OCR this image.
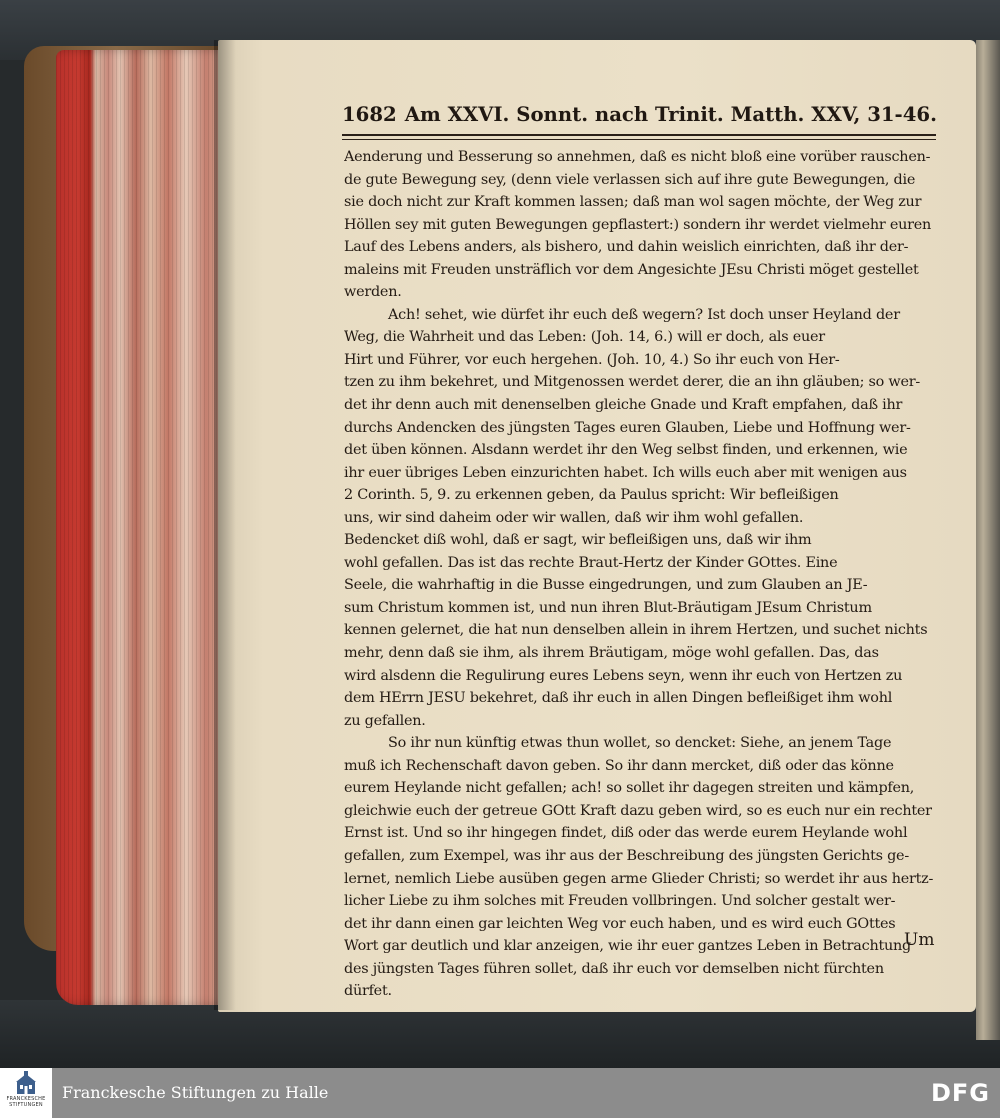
1682 Am XXVI. Sonnt. nach Trinit. Matth. XXV, 31-46.
Aenderung und Besserung so annehmen, daß es nicht bloß eine vorüber rauschen-
de gute Bewegung sey, (denn viele verlassen sich auf ihre gute Bewegungen, die
sie doch nicht zur Kraft kommen lassen; daß man wol sagen möchte, der Weg zur
Höllen sey mit guten Bewegungen gepflastert:) sondern ihr werdet vielmehr euren
Lauf des Lebens anders, als bishero, und dahin weislich einrichten, daß ihr der-
maleins mit Freuden unsträflich vor dem Angesichte JEsu Christi möget gestellet
werden.
Ach! sehet, wie dürfet ihr euch deß wegern? Ist doch unser Heyland der
Weg, die Wahrheit und das Leben: (Joh. 14, 6.) will er doch, als euer
Hirt und Führer, vor euch hergehen. (Joh. 10, 4.) So ihr euch von Her-
tzen zu ihm bekehret, und Mitgenossen werdet derer, die an ihn gläuben; so wer-
det ihr denn auch mit denenselben gleiche Gnade und Kraft empfahen, daß ihr
durchs Andencken des jüngsten Tages euren Glauben, Liebe und Hoffnung wer-
det üben können. Alsdann werdet ihr den Weg selbst finden, und erkennen, wie
ihr euer übriges Leben einzurichten habet. Ich wills euch aber mit wenigen aus
2 Corinth. 5, 9. zu erkennen geben, da Paulus spricht: Wir befleißigen
uns, wir sind daheim oder wir wallen, daß wir ihm wohl gefallen.
Bedencket diß wohl, daß er sagt, wir befleißigen uns, daß wir ihm
wohl gefallen. Das ist das rechte Braut-Hertz der Kinder GOttes. Eine
Seele, die wahrhaftig in die Busse eingedrungen, und zum Glauben an JE-
sum Christum kommen ist, und nun ihren Blut-Bräutigam JEsum Christum
kennen gelernet, die hat nun denselben allein in ihrem Hertzen, und suchet nichts
mehr, denn daß sie ihm, als ihrem Bräutigam, möge wohl gefallen. Das, das
wird alsdenn die Regulirung eures Lebens seyn, wenn ihr euch von Hertzen zu
dem HErrn JESU bekehret, daß ihr euch in allen Dingen befleißiget ihm wohl
zu gefallen.
So ihr nun künftig etwas thun wollet, so dencket: Siehe, an jenem Tage
muß ich Rechenschaft davon geben. So ihr dann mercket, diß oder das könne
eurem Heylande nicht gefallen; ach! so sollet ihr dagegen streiten und kämpfen,
gleichwie euch der getreue GOtt Kraft dazu geben wird, so es euch nur ein rechter
Ernst ist. Und so ihr hingegen findet, diß oder das werde eurem Heylande wohl
gefallen, zum Exempel, was ihr aus der Beschreibung des jüngsten Gerichts ge-
lernet, nemlich Liebe ausüben gegen arme Glieder Christi; so werdet ihr aus hertz-
licher Liebe zu ihm solches mit Freuden vollbringen. Und solcher gestalt wer-
det ihr dann einen gar leichten Weg vor euch haben, und es wird euch GOttes
Wort gar deutlich und klar anzeigen, wie ihr euer gantzes Leben in Betrachtung
des jüngsten Tages führen sollet, daß ihr euch vor demselben nicht fürchten
dürfet.
Um
FRANCKESCHE STIFTUNGEN
Franckesche Stiftungen zu Halle	DFG
